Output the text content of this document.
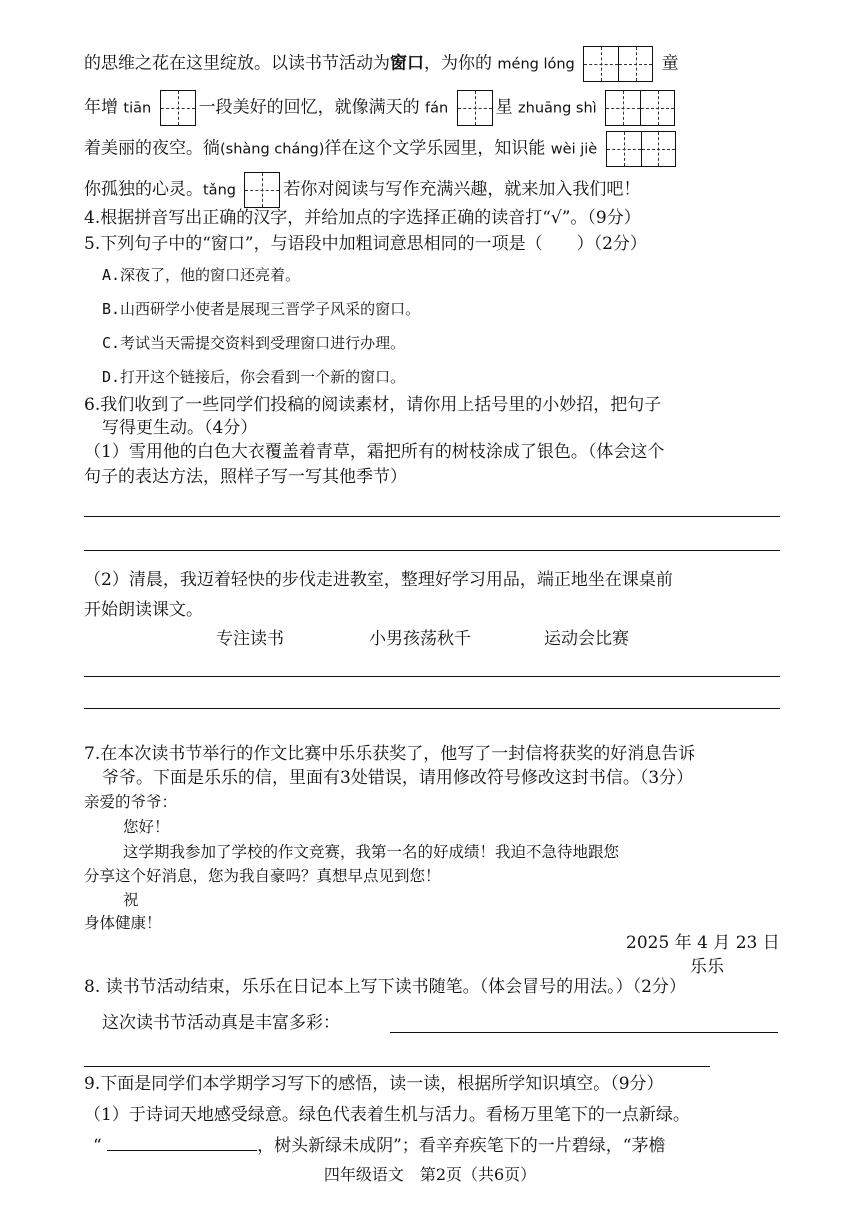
的思维之花在这里绽放。以读书节活动为窗口，为你的 méng lóng	童
年增 tiān	一段美好的回忆，就像满天的 fán	星 zhuāng shì
着美丽的夜空。徜(shàng cháng)徉在这个文学乐园里，知识能 wèi jiè
你孤独的心灵。tǎng	若你对阅读与写作充满兴趣，就来加入我们吧！
4.根据拼音写出正确的汉字，并给加点的字选择正确的读音打“√”。（9分）
5.下列句子中的“窗口”，与语段中加粗词意思相同的一项是（　　）（2分）
A.深夜了，他的窗口还亮着。
B.山西研学小使者是展现三晋学子风采的窗口。
C.考试当天需提交资料到受理窗口进行办理。
D.打开这个链接后，你会看到一个新的窗口。
6.我们收到了一些同学们投稿的阅读素材，请你用上括号里的小妙招，把句子
写得更生动。（4分）
（1）雪用他的白色大衣覆盖着青草，霜把所有的树枝涂成了银色。（体会这个
句子的表达方法，照样子写一写其他季节）
（2）清晨，我迈着轻快的步伐走进教室，整理好学习用品，端正地坐在课桌前
开始朗读课文。
专注读书	小男孩荡秋千	运动会比赛
7.在本次读书节举行的作文比赛中乐乐获奖了，他写了一封信将获奖的好消息告诉
爷爷。下面是乐乐的信，里面有3处错误，请用修改符号修改这封书信。（3分）
亲爱的爷爷：
您好！
这学期我参加了学校的作文竞赛，我第一名的好成绩！我迫不急待地跟您
分享这个好消息，您为我自豪吗？真想早点见到您！
祝
身体健康！
2025 年 4 月 23 日
乐乐
8. 读书节活动结束，乐乐在日记本上写下读书随笔。（体会冒号的用法。）（2分）
这次读书节活动真是丰富多彩：
9.下面是同学们本学期学习写下的感悟，读一读，根据所学知识填空。（9分）
（1）于诗词天地感受绿意。绿色代表着生机与活力。看杨万里笔下的一点新绿。
“	，树头新绿未成阴”；看辛弃疾笔下的一片碧绿，“茅檐
四年级语文　第2页（共6页）
